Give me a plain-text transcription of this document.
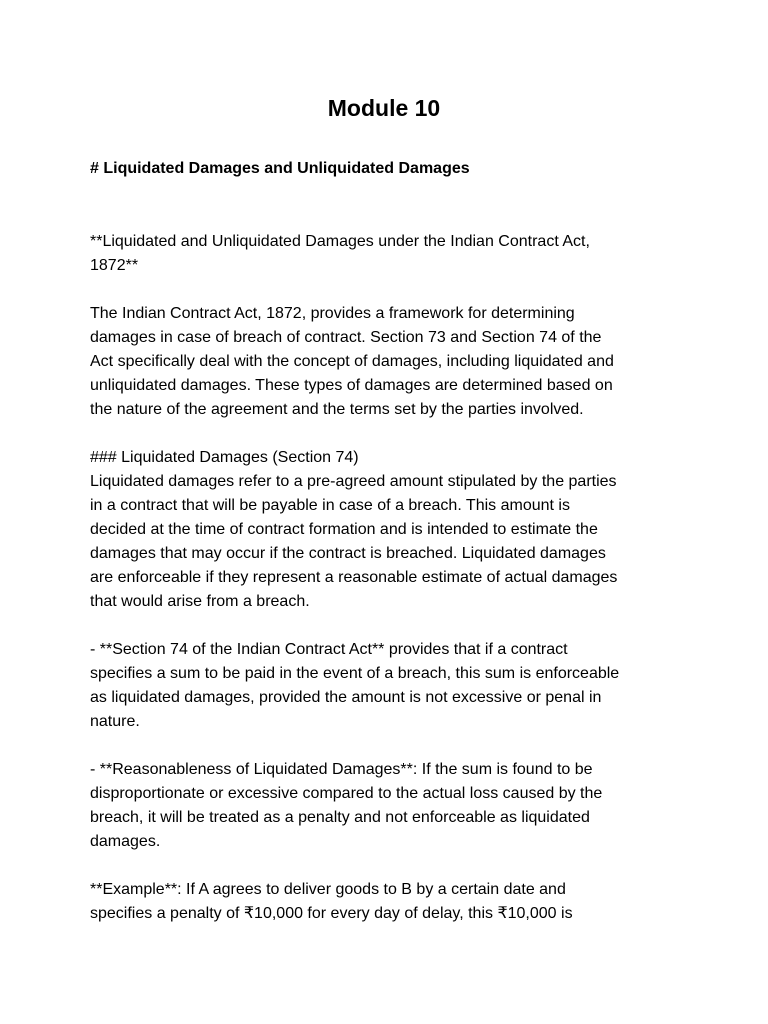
Module 10
# Liquidated Damages and Unliquidated Damages
**Liquidated and Unliquidated Damages under the Indian Contract Act,
1872**
The Indian Contract Act, 1872, provides a framework for determining
damages in case of breach of contract. Section 73 and Section 74 of the
Act specifically deal with the concept of damages, including liquidated and
unliquidated damages. These types of damages are determined based on
the nature of the agreement and the terms set by the parties involved.
### Liquidated Damages (Section 74)
Liquidated damages refer to a pre-agreed amount stipulated by the parties
in a contract that will be payable in case of a breach. This amount is
decided at the time of contract formation and is intended to estimate the
damages that may occur if the contract is breached. Liquidated damages
are enforceable if they represent a reasonable estimate of actual damages
that would arise from a breach.
- **Section 74 of the Indian Contract Act** provides that if a contract
specifies a sum to be paid in the event of a breach, this sum is enforceable
as liquidated damages, provided the amount is not excessive or penal in
nature.
- **Reasonableness of Liquidated Damages**: If the sum is found to be
disproportionate or excessive compared to the actual loss caused by the
breach, it will be treated as a penalty and not enforceable as liquidated
damages.
**Example**: If A agrees to deliver goods to B by a certain date and
specifies a penalty of ₹10,000 for every day of delay, this ₹10,000 is
